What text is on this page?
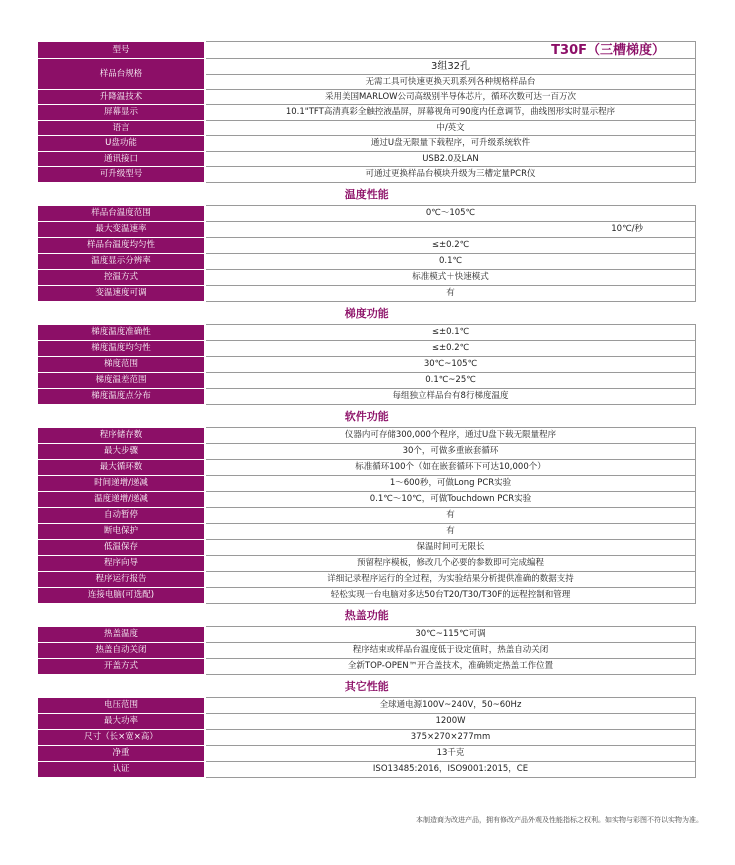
型号	T30F（三槽梯度）
样品台规格	3组32孔
	无需工具可快速更换天玑系列各种规格样品台
升降温技术	采用美国MARLOW公司高级别半导体芯片，循环次数可达一百万次
屏幕显示	10.1"TFT高清真彩全触控液晶屏，屏幕视角可90度内任意调节，曲线图形实时显示程序
语言	中/英文
U盘功能	通过U盘无限量下载程序，可升级系统软件
通讯接口	USB2.0及LAN
可升级型号	可通过更换样品台模块升级为三槽定量PCR仪
温度性能	
样品台温度范围	0℃～105℃
最大变温速率	10℃/秒
样品台温度均匀性	≤±0.2℃
温度显示分辨率	0.1℃
控温方式	标准模式＋快速模式
变温速度可调	有
梯度功能	
梯度温度准确性	≤±0.1℃
梯度温度均匀性	≤±0.2℃
梯度范围	30℃~105℃
梯度温差范围	0.1℃~25℃
梯度温度点分布	每组独立样品台有8行梯度温度
软件功能	
程序储存数	仪器内可存储300,000个程序，通过U盘下载无限量程序
最大步骤	30个，可做多重嵌套循环
最大循环数	标准循环100个（如在嵌套循环下可达10,000个）
时间递增/递减	1～600秒，可做Long PCR实验
温度递增/递减	0.1℃～10℃，可做Touchdown PCR实验
自动暂停	有
断电保护	有
低温保存	保温时间可无限长
程序向导	预留程序模板，修改几个必要的参数即可完成编程
程序运行报告	详细记录程序运行的全过程，为实验结果分析提供准确的数据支持
连接电脑(可选配)	轻松实现一台电脑对多达50台T20/T30/T30F的远程控制和管理
热盖功能	
热盖温度	30℃~115℃可调
热盖自动关闭	程序结束或样品台温度低于设定值时，热盖自动关闭
开盖方式	全新TOP-OPEN™开合盖技术，准确锁定热盖工作位置
其它性能	
电压范围	全球通电源100V~240V，50~60Hz
最大功率	1200W
尺寸（长×宽×高）	375×270×277mm
净重	13千克
认证	ISO13485:2016，ISO9001:2015，CE
本制造商为改进产品，拥有修改产品外观及性能指标之权利。如实物与彩图不符以实物为准。
